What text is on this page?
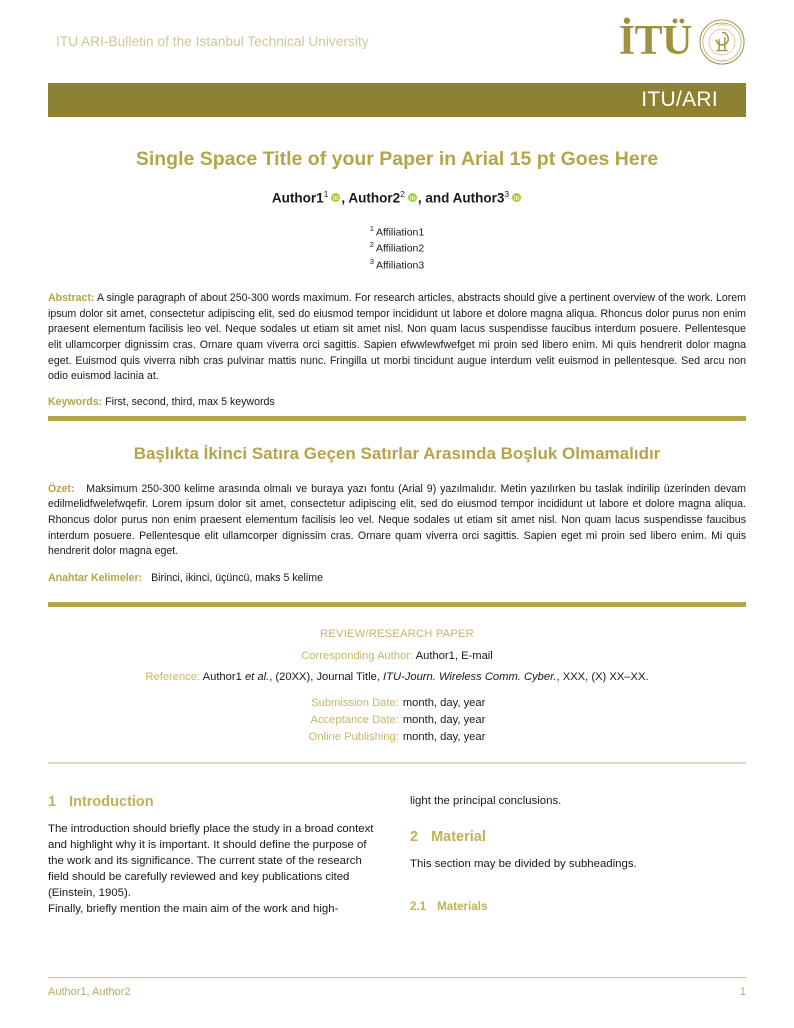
ITU ARI-Bulletin of the Istanbul Technical University	İTÜ	ISTANBUL
1773
ITU/ARI
Single Space Title of your Paper in Arial 15 pt Goes Here
$Author1^1$ , $Author2^2$ , and $Author3^3$
$^1$ Affiliation1
$^2$ Affiliation2
$^3$ Affiliation3
Abstract: A single paragraph of about 250-300 words maximum. For research articles, abstracts should give a pertinent overview of the work. Lorem ipsum dolor sit amet, consectetur adipiscing elit, sed do eiusmod tempor incididunt ut labore et dolore magna aliqua. Rhoncus dolor purus non enim praesent elementum facilisis leo vel. Neque sodales ut etiam sit amet nisl. Non quam lacus suspendisse faucibus interdum posuere. Pellentesque elit ullamcorper dignissim cras. Ornare quam viverra orci sagittis. Sapien efwwlewfwefget mi proin sed libero enim. Mi quis hendrerit dolor magna eget. Euismod quis viverra nibh cras pulvinar mattis nunc. Fringilla ut morbi tincidunt augue interdum velit euismod in pellentesque. Sed arcu non odio euismod lacinia at.
Keywords: First, second, third, max 5 keywords
Başlıkta İkinci Satıra Geçen Satırlar Arasında Boşluk Olmamalıdır
Özet: Maksimum 250-300 kelime arasında olmalı ve buraya yazı fontu (Arial 9) yazılmalıdır. Metin yazılırken bu taslak indirilip üzerinden devam edilmelidfwelefwqefir. Lorem ipsum dolor sit amet, consectetur adipiscing elit, sed do eiusmod tempor incididunt ut labore et dolore magna aliqua. Rhoncus dolor purus non enim praesent elementum facilisis leo vel. Neque sodales ut etiam sit amet nisl. Non quam lacus suspendisse faucibus interdum posuere. Pellentesque elit ullamcorper dignissim cras. Ornare quam viverra orci sagittis. Sapien eget mi proin sed libero enim. Mi quis hendrerit dolor magna eget.
Anahtar Kelimeler: Birinci, ikinci, üçüncü, maks 5 kelime
REVIEW/RESEARCH PAPER
Corresponding Author: Author1, E-mail
Reference: Author1 et al., (20XX), Journal Title, ITU-Journ. Wireless Comm. Cyber., XXX, (X) XX–XX.
Submission Date: month, day, year
Acceptance Date: month, day, year
Online Publishing: month, day, year
1 Introduction

The introduction should briefly place the study in a broad context and highlight why it is important. It should define the purpose of the work and its significance. The current state of the research field should be carefully reviewed and key publications cited (Einstein, 1905).

Finally, briefly mention the main aim of the work and high-

light the principal conclusions.

2 Material

This section may be divided by subheadings.

2.1 Materials
Author1, Author2	1
